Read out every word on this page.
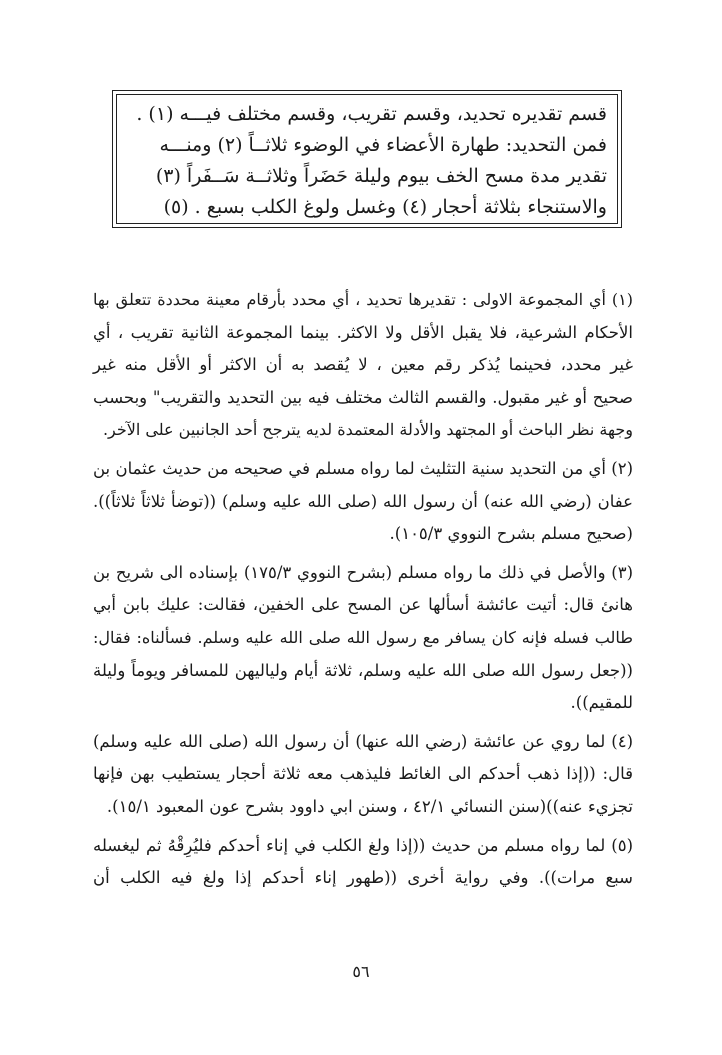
قسم تقديره تحديد، وقسم تقريب، وقسم مختلف فيـــه (١) .

فمن التحديد: طهارة الأعضاء في الوضوء ثلاثــاً (٢) ومنـــه

تقدير مدة مسح الخف بيوم وليلة حَضَراً وثلاثــة سَــفَراً (٣)

والاستنجاء بثلاثة أحجار (٤) وغسل ولوغ الكلب بسبع . (٥)

(١) أي المجموعة الاولى : تقديرها تحديد ، أي محدد بأرقام معينة محددة تتعلق بها
الأحكام الشرعية، فلا يقبل الأقل ولا الاكثر. بينما المجموعة الثانية تقريب ، أي
غير محدد، فحينما يُذكر رقم معين ، لا يُقصد به أن الاكثر أو الأقل منه غير
صحيح أو غير مقبول. والقسم الثالث مختلف فيه بين التحديد والتقريب" وبحسب
وجهة نظر الباحث أو المجتهد والأدلة المعتمدة لديه يترجح أحد الجانبين على الآخر.
(٢) أي من التحديد سنية التثليث لما رواه مسلم في صحيحه من حديث عثمان بن
عفان (رضي الله عنه) أن رسول الله (صلى الله عليه وسلم) ((توضأ ثلاثاً ثلاثاً)).
(صحيح مسلم بشرح النووي ١٠٥/٣).
(٣) والأصل في ذلك ما رواه مسلم (بشرح النووي ١٧٥/٣) بإسناده الى شريح بن
هانئ قال: أتيت عائشة أسألها عن المسح على الخفين، فقالت: عليك بابن أبي
طالب فسله فإنه كان يسافر مع رسول الله صلى الله عليه وسلم. فسألناه: فقال:
((جعل رسول الله صلى الله عليه وسلم، ثلاثة أيام ولياليهن للمسافر ويوماً وليلة
للمقيم)).
(٤) لما روي عن عائشة (رضي الله عنها) أن رسول الله (صلى الله عليه وسلم)
قال: ((إذا ذهب أحدكم الى الغائط فليذهب معه ثلاثة أحجار يستطيب بهن فإنها
تجزيء عنه))(سنن النسائي ٤٢/١ ، وسنن ابي داوود بشرح عون المعبود ١٥/١).
(٥) لما رواه مسلم من حديث ((إذا ولغ الكلب في إناء أحدكم فليُرِقْهُ ثم ليغسله
سبع مرات)). وفي رواية أخرى ((طهور إناء أحدكم إذا ولغ فيه الكلب أن
٥٦
